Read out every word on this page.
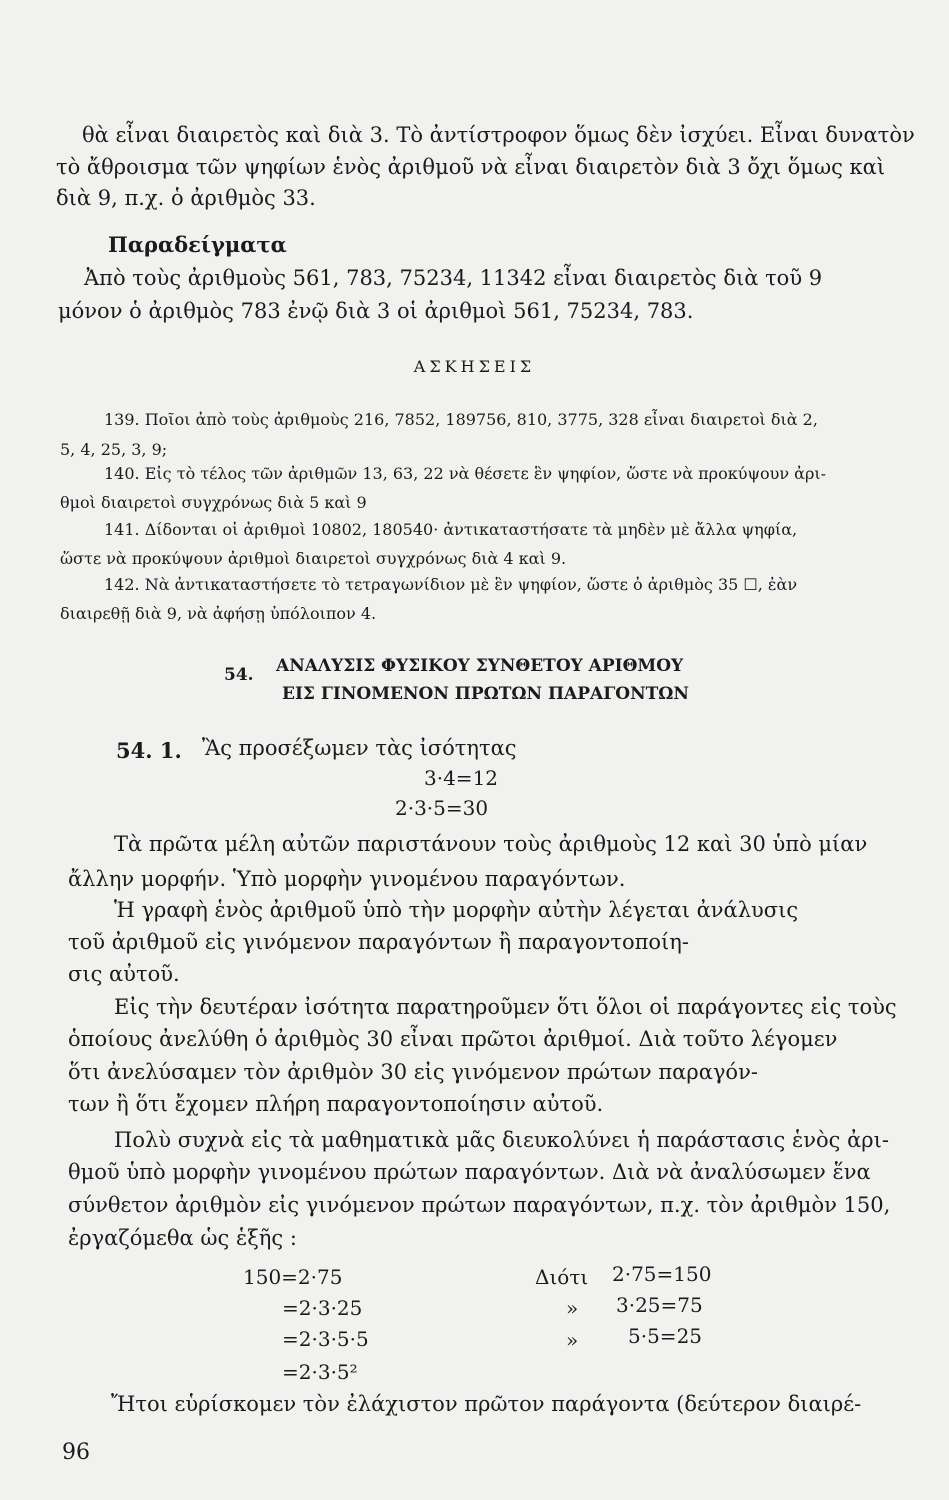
θὰ εἶναι διαιρετὸς καὶ διὰ 3. Τὸ ἀντίστροφον ὅμως δὲν ἰσχύει. Εἶναι δυνατὸν
τὸ ἄθροισμα τῶν ψηφίων ἑνὸς ἀριθμοῦ νὰ εἶναι διαιρετὸν διὰ 3 ὄχι ὅμως καὶ
διὰ 9, π.χ. ὁ ἀριθμὸς 33.
Παραδείγματα
Ἀπὸ τοὺς ἀριθμοὺς 561, 783, 75234, 11342 εἶναι διαιρετὸς διὰ τοῦ 9
μόνον ὁ ἀριθμὸς 783 ἐνῷ διὰ 3 οἱ ἀριθμοὶ 561, 75234, 783.
ΑΣΚΗΣΕΙΣ
139. Ποῖοι ἀπὸ τοὺς ἀριθμοὺς 216, 7852, 189756, 810, 3775, 328 εἶναι διαιρετοὶ διὰ 2,
5, 4, 25, 3, 9;
140. Εἰς τὸ τέλος τῶν ἀριθμῶν 13, 63, 22 νὰ θέσετε ἓν ψηφίον, ὥστε νὰ προκύψουν ἀρι-
θμοὶ διαιρετοὶ συγχρόνως διὰ 5 καὶ 9
141. Δίδονται οἱ ἀριθμοὶ 10802, 180540· ἀντικαταστήσατε τὰ μηδὲν μὲ ἄλλα ψηφία,
ὥστε νὰ προκύψουν ἀριθμοὶ διαιρετοὶ συγχρόνως διὰ 4 καὶ 9.
142. Νὰ ἀντικαταστήσετε τὸ τετραγωνίδιον μὲ ἓν ψηφίον, ὥστε ὁ ἀριθμὸς 35 ☐, ἐὰν
διαιρεθῇ διὰ 9, νὰ ἀφήσῃ ὑπόλοιπον 4.
54. ΑΝΑΛΥΣΙΣ ΦΥΣΙΚΟΥ ΣΥΝΘΕΤΟΥ ΑΡΙΘΜΟΥ
ΕΙΣ ΓΙΝΟΜΕΝΟΝ ΠΡΩΤΩΝ ΠΑΡΑΓΟΝΤΩΝ
54. 1. Ἂς προσέξωμεν τὰς ἰσότητας
3·4=12
2·3·5=30
Τὰ πρῶτα μέλη αὐτῶν παριστάνουν τοὺς ἀριθμοὺς 12 καὶ 30 ὑπὸ μίαν
ἄλλην μορφήν. Ὑπὸ μορφὴν γινομένου παραγόντων.
Ἡ γραφὴ ἑνὸς ἀριθμοῦ ὑπὸ τὴν μορφὴν αὐτὴν λέγεται ἀνάλυσις
τοῦ ἀριθμοῦ εἰς γινόμενον παραγόντων ἢ παραγοντοποίη-
σις αὐτοῦ.
Εἰς τὴν δευτέραν ἰσότητα παρατηροῦμεν ὅτι ὅλοι οἱ παράγοντες εἰς τοὺς
ὁποίους ἀνελύθη ὁ ἀριθμὸς 30 εἶναι πρῶτοι ἀριθμοί. Διὰ τοῦτο λέγομεν
ὅτι ἀνελύσαμεν τὸν ἀριθμὸν 30 εἰς γινόμενον πρώτων παραγόν-
των ἢ ὅτι ἔχομεν πλήρη παραγοντοποίησιν αὐτοῦ.
Πολὺ συχνὰ εἰς τὰ μαθηματικὰ μᾶς διευκολύνει ἡ παράστασις ἑνὸς ἀρι-
θμοῦ ὑπὸ μορφὴν γινομένου πρώτων παραγόντων. Διὰ νὰ ἀναλύσωμεν ἕνα
σύνθετον ἀριθμὸν εἰς γινόμενον πρώτων παραγόντων, π.χ. τὸν ἀριθμὸν 150,
ἐργαζόμεθα ὡς ἑξῆς :
150=2·75
=2·3·25
=2·3·5·5
=2·3·5²
Διότι 2·75=150
» 3·25=75
» 5·5=25
Ἤτοι εὑρίσκομεν τὸν ἐλάχιστον πρῶτον παράγοντα (δεύτερον διαιρέ-
96
